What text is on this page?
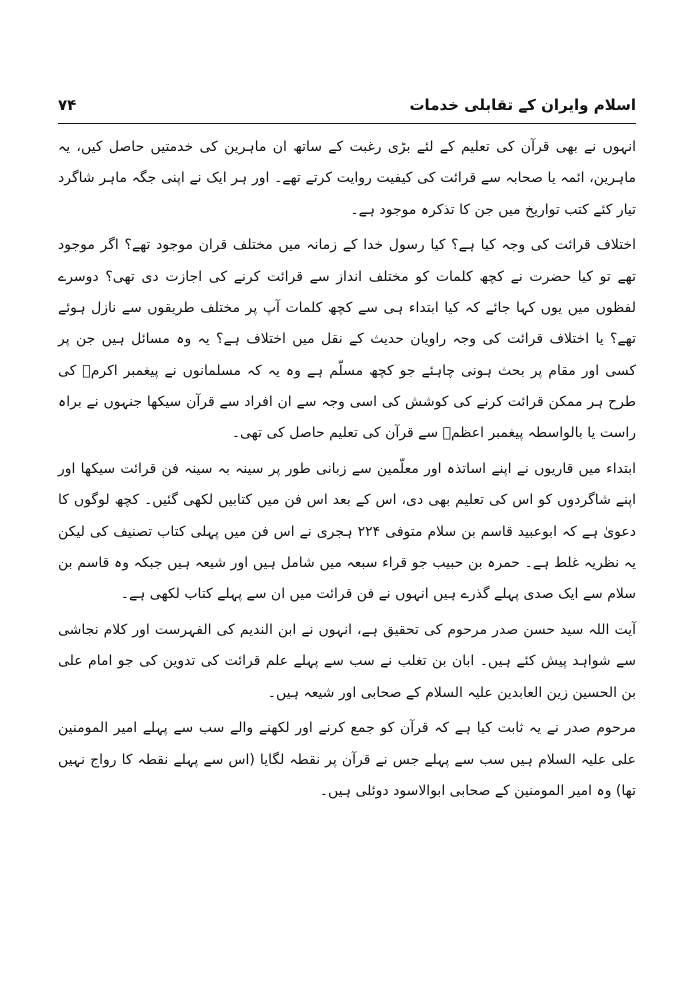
اسلام وایران کے تقابلی خدمات
۷۴

انہوں نے بھی قرآن کی تعلیم کے لئے بڑی رغبت کے ساتھ ان ماہرین کی خدمتیں حاصل کیں، یہ ماہرین، ائمہ یا صحابہ سے قرائت کی کیفیت روایت کرتے تھے۔ اور ہر ایک نے اپنی جگہ ماہر شاگرد تیار کئے کتب تواریخ میں جن کا تذکرہ موجود ہے۔

اختلاف قرائت کی وجہ کیا ہے؟ کیا رسول خدا کے زمانہ میں مختلف قران موجود تھے؟ اگر موجود تھے تو کیا حضرت نے کچھ کلمات کو مختلف انداز سے قرائت کرنے کی اجازت دی تھی؟ دوسرے لفظوں میں یوں کہا جائے کہ کیا ابتداء ہی سے کچھ کلمات آپ پر مختلف طریقوں سے نازل ہوئے تھے؟ یا اختلاف قرائت کی وجہ راویان حدیث کے نقل میں اختلاف ہے؟ یہ وہ مسائل ہیں جن پر کسی اور مقام پر بحث ہونی چاہئے جو کچھ مسلّم ہے وہ یہ کہ مسلمانوں نے پیغمبر اکرمؐ کی طرح ہر ممکن قرائت کرنے کی کوشش کی اسی وجہ سے ان افراد سے قرآن سیکھا جنہوں نے براہ راست یا بالواسطہ پیغمبر اعظمؐ سے قرآن کی تعلیم حاصل کی تھی۔

ابتداء میں قاریوں نے اپنے اساتذہ اور معلّمین سے زبانی طور پر سینہ بہ سینہ فن قرائت سیکھا اور اپنے شاگردوں کو اس کی تعلیم بھی دی، اس کے بعد اس فن میں کتابیں لکھی گئیں۔ کچھ لوگوں کا دعویٰ ہے کہ ابوعبید قاسم بن سلام متوفی ۲۲۴ ہجری نے اس فن میں پہلی کتاب تصنیف کی لیکن یہ نظریہ غلط ہے۔ حمرہ بن حبیب جو قراء سبعہ میں شامل ہیں اور شیعہ ہیں جبکہ وہ قاسم بن سلام سے ایک صدی پہلے گذرے ہیں انہوں نے فن قرائت میں ان سے پہلے کتاب لکھی ہے۔

آیت اللہ سید حسن صدر مرحوم کی تحقیق ہے، انہوں نے ابن الندیم کی الفہرست اور کلام نجاشی سے شواہد پیش کئے ہیں۔ ابان بن تغلب نے سب سے پہلے علم قرائت کی تدوین کی جو امام علی بن الحسین زین العابدین علیہ السلام کے صحابی اور شیعہ ہیں۔

مرحوم صدر نے یہ ثابت کیا ہے کہ قرآن کو جمع کرنے اور لکھنے والے سب سے پہلے امیر المومنین علی علیہ السلام ہیں سب سے پہلے جس نے قرآن پر نقطہ لگایا (اس سے پہلے نقطہ کا رواج نہیں تھا) وہ امیر المومنین کے صحابی ابوالاسود دوئلی ہیں۔
